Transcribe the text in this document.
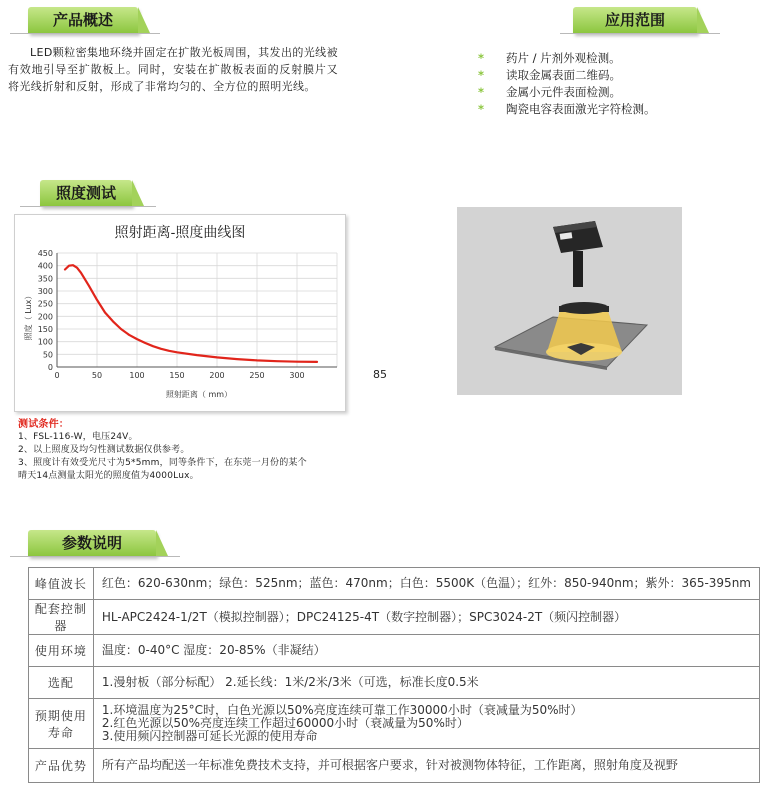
产品概述
LED颗粒密集地环绕并固定在扩散光板周围，其发出的光线被有效地引导至扩散板上。同时，安装在扩散板表面的反射膜片又将光线折射和反射，形成了非常均匀的、全方位的照明光线。
应用范围
* 药片 / 片剂外观检测。
* 读取金属表面二维码。
* 金属小元件表面检测。
* 陶瓷电容表面激光字符检测。
照度测试
照射距离-照度曲线图
0
50
100
150
200
250
300
350
400
450
0	50	100	150	200	250	300
照度（ Lux）
照射距离（ mm）
85
测试条件：
1、FSL-116-W，电压24V。
2、以上照度及均匀性测试数据仅供参考。
3、照度计有效受光尺寸为5*5mm，同等条件下，在东莞一月份的某个
晴天14点测量太阳光的照度值为4000Lux。
参数说明
峰值波长	红色：620-630nm；绿色：525nm；蓝色：470nm；白色：5500K（色温）；红外：850-940nm；紫外：365-395nm

配套控制器	HL-APC2424-1/2T（模拟控制器）；DPC24125-4T（数字控制器）；SPC3024-2T（频闪控制器）

使用环境	温度：0-40°C 湿度：20-85%（非凝结）

选配	1.漫射板（部分标配） 2.延长线：1米/2米/3米（可选，标准长度0.5米

预期使用寿命	1.环境温度为25°C时，白色光源以50%亮度连续可靠工作30000小时（衰减量为50%时）
2.红色光源以50%亮度连续工作超过60000小时（衰减量为50%时）
3.使用频闪控制器可延长光源的使用寿命

产品优势	所有产品均配送一年标准免费技术支持，并可根据客户要求，针对被测物体特征，工作距离，照射角度及视野
